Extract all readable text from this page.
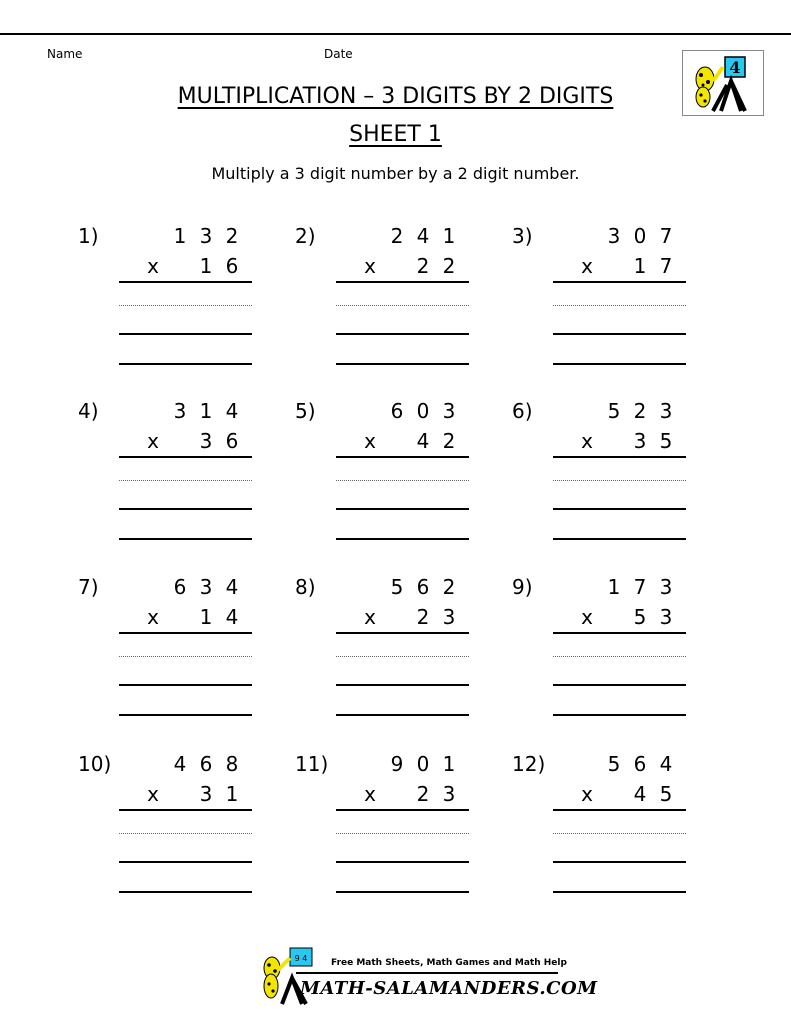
Name	Date
4
MULTIPLICATION – 3 DIGITS BY 2 DIGITS
SHEET 1
Multiply a 3 digit number by a 2 digit number.
1)	1 3 2
x 1 6
2)	2 4 1
x 2 2
3)	3 0 7
x 1 7
4)	3 1 4
x 3 6
5)	6 0 3
x 4 2
6)	5 2 3
x 3 5
7)	6 3 4
x 1 4
8)	5 6 2
x 2 3
9)	1 7 3
x 5 3
10)	4 6 8
x 3 1
11)	9 0 1
x 2 3
12)	5 6 4
x 4 5
9 4	Free Math Sheets, Math Games and Math Help
MATH-SALAMANDERS.COM
